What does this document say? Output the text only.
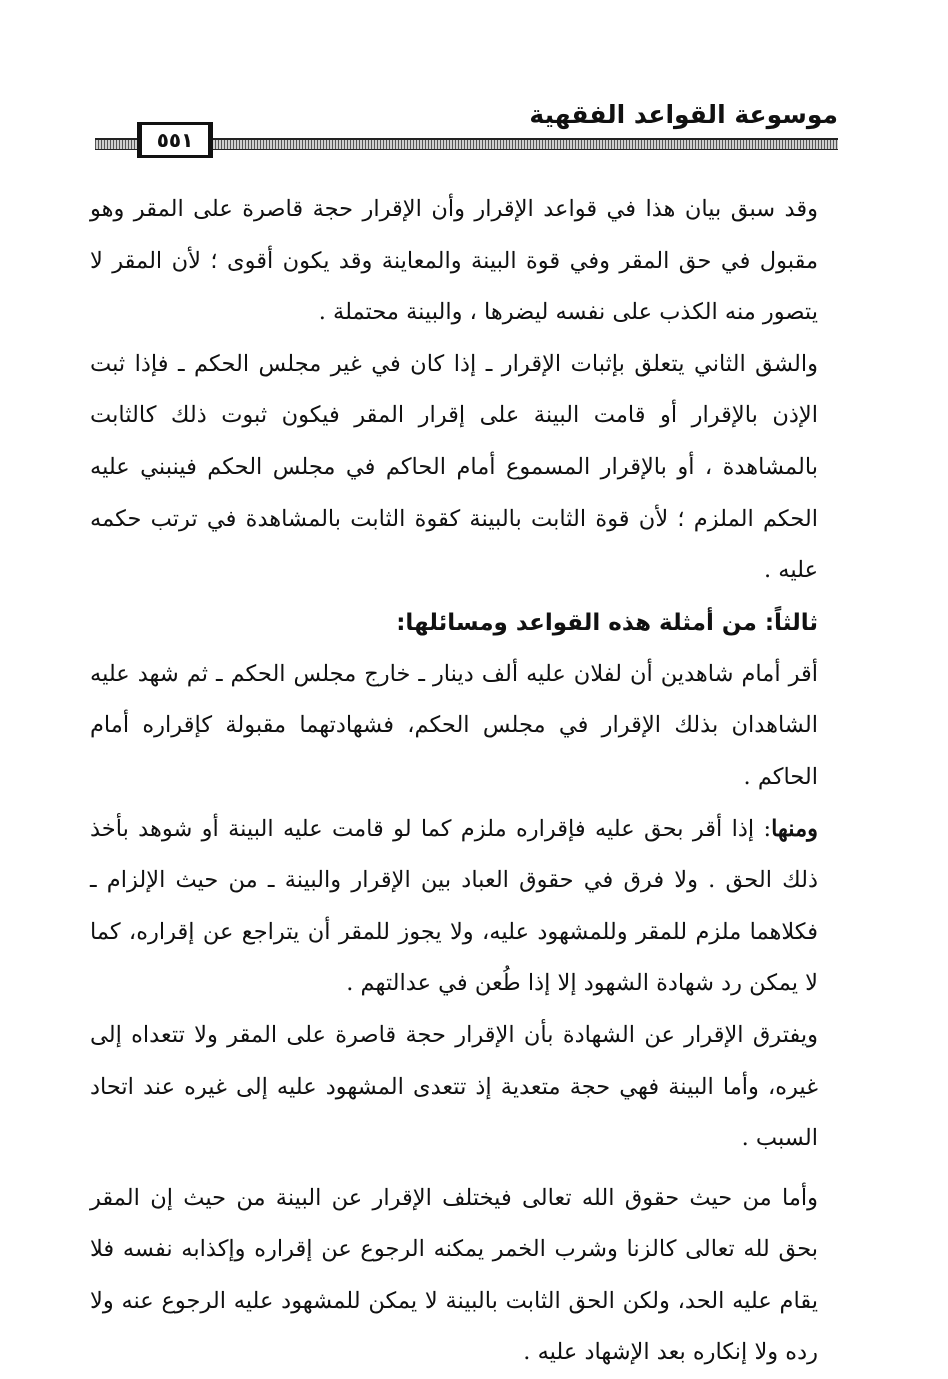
موسوعة القواعد الفقهية
٥٥١

وقد سبق بيان هذا في قواعد الإقرار وأن الإقرار حجة قاصرة على المقر وهو مقبول في حق المقر وفي قوة البينة والمعاينة وقد يكون أقوى ؛ لأن المقر لا يتصور منه الكذب على نفسه ليضرها ، والبينة محتملة .

والشق الثاني يتعلق بإثبات الإقرار ـ إذا كان في غير مجلس الحكم ـ فإذا ثبت الإذن بالإقرار أو قامت البينة على إقرار المقر فيكون ثبوت ذلك كالثابت بالمشاهدة ، أو بالإقرار المسموع أمام الحاكم في مجلس الحكم فينبني عليه الحكم الملزم ؛ لأن قوة الثابت بالبينة كقوة الثابت بالمشاهدة في ترتب حكمه عليه .

ثالثاً: من أمثلة هذه القواعد ومسائلها:

أقر أمام شاهدين أن لفلان عليه ألف دينار ـ خارج مجلس الحكم ـ ثم شهد عليه الشاهدان بذلك الإقرار في مجلس الحكم، فشهادتهما مقبولة كإقراره أمام الحاكم .

ومنها: إذا أقر بحق عليه فإقراره ملزم كما لو قامت عليه البينة أو شوهد بأخذ ذلك الحق . ولا فرق في حقوق العباد بين الإقرار والبينة ـ من حيث الإلزام ـ فكلاهما ملزم للمقر وللمشهود عليه، ولا يجوز للمقر أن يتراجع عن إقراره، كما لا يمكن رد شهادة الشهود إلا إذا طُعن في عدالتهم .

ويفترق الإقرار عن الشهادة بأن الإقرار حجة قاصرة على المقر ولا تتعداه إلى غيره، وأما البينة فهي حجة متعدية إذ تتعدى المشهود عليه إلى غيره عند اتحاد السبب .

وأما من حيث حقوق الله تعالى فيختلف الإقرار عن البينة من حيث إن المقر بحق لله تعالى كالزنا وشرب الخمر يمكنه الرجوع عن إقراره وإكذابه نفسه فلا يقام عليه الحد، ولكن الحق الثابت بالبينة لا يمكن للمشهود عليه الرجوع عنه ولا رده ولا إنكاره بعد الإشهاد عليه .
